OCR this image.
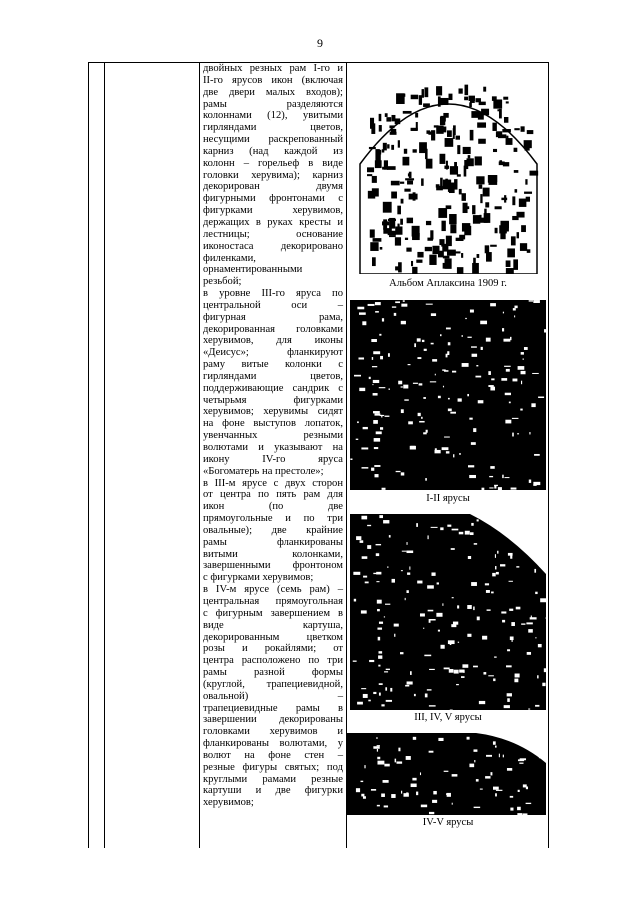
9
двойных резных рам I-го и
II-го ярусов икон (включая
две двери малых входов);
рамы разделяются
колоннами (12), увитыми
гирляндами цветов,
несущими раскрепованный
карниз (над каждой из
колонн – горельеф в виде
головки херувима); карниз
декорирован двумя
фигурными фронтонами с
фигурками херувимов,
держащих в руках кресты и
лестницы; основание
иконостаса декорировано
филенками,
орнаментированными
резьбой;
в уровне III-го яруса по
центральной оси –
фигурная рама,
декорированная головками
херувимов, для иконы
«Деисус»; фланкируют
раму витые колонки с
гирляндами цветов,
поддерживающие сандрик с
четырьмя фигурками
херувимов; херувимы сидят
на фоне выступов лопаток,
увенчанных резными
волютами и указывают на
икону IV-го яруса
«Богоматерь на престоле»;
в III-м ярусе с двух сторон
от центра по пять рам для
икон (по две
прямоугольные и по три
овальные); две крайние
рамы фланкированы
витыми колонками,
завершенными фронтоном
с фигурками херувимов;
в IV-м ярусе (семь рам) –
центральная прямоугольная
с фигурным завершением в
виде картуша,
декорированным цветком
розы и рокайлями; от
центра расположено по три
рамы разной формы
(круглой, трапециевидной,
овальной) –
трапециевидные рамы в
завершении декорированы
головками херувимов и
фланкированы волютами, у
волют на фоне стен –
резные фигуры святых; под
круглыми рамами резные
картуши и две фигурки
херувимов;
Альбом Аплаксина 1909 г.
I-II ярусы
III, IV, V ярусы
IV-V ярусы
